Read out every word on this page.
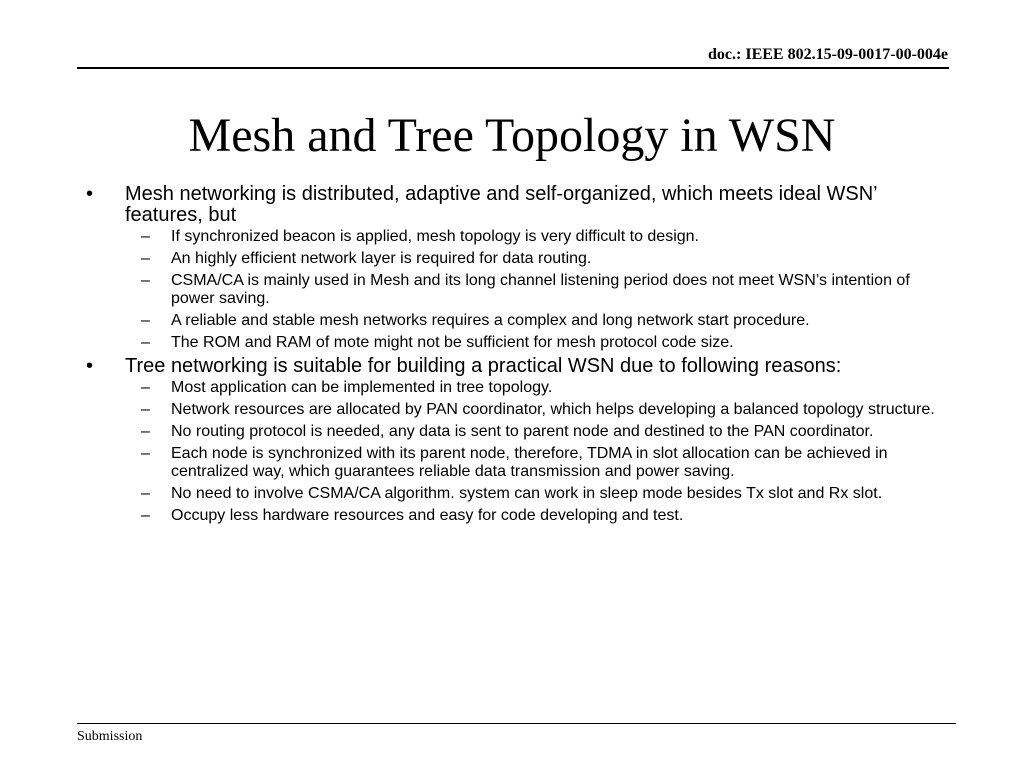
doc.: IEEE 802.15-09-0017-00-004e
Mesh and Tree Topology in WSN
• Mesh networking is distributed, adaptive and self-organized, which meets ideal WSN’ features, but
– If synchronized beacon is applied, mesh topology is very difficult to design.
– An highly efficient network layer is required for data routing.
– CSMA/CA is mainly used in Mesh and its long channel listening period does not meet WSN’s intention of power saving.
– A reliable and stable mesh networks requires a complex and long network start procedure.
– The ROM and RAM of mote might not be sufficient for mesh protocol code size.
• Tree networking is suitable for building a practical WSN due to following reasons:
– Most application can be implemented in tree topology.
– Network resources are allocated by PAN coordinator, which helps developing a balanced topology structure.
– No routing protocol is needed, any data is sent to parent node and destined to the PAN coordinator.
– Each node is synchronized with its parent node, therefore, TDMA in slot allocation can be achieved in centralized way, which guarantees reliable data transmission and power saving.
– No need to involve CSMA/CA algorithm. system can work in sleep mode besides Tx slot and Rx slot.
– Occupy less hardware resources and easy for code developing and test.
Submission
